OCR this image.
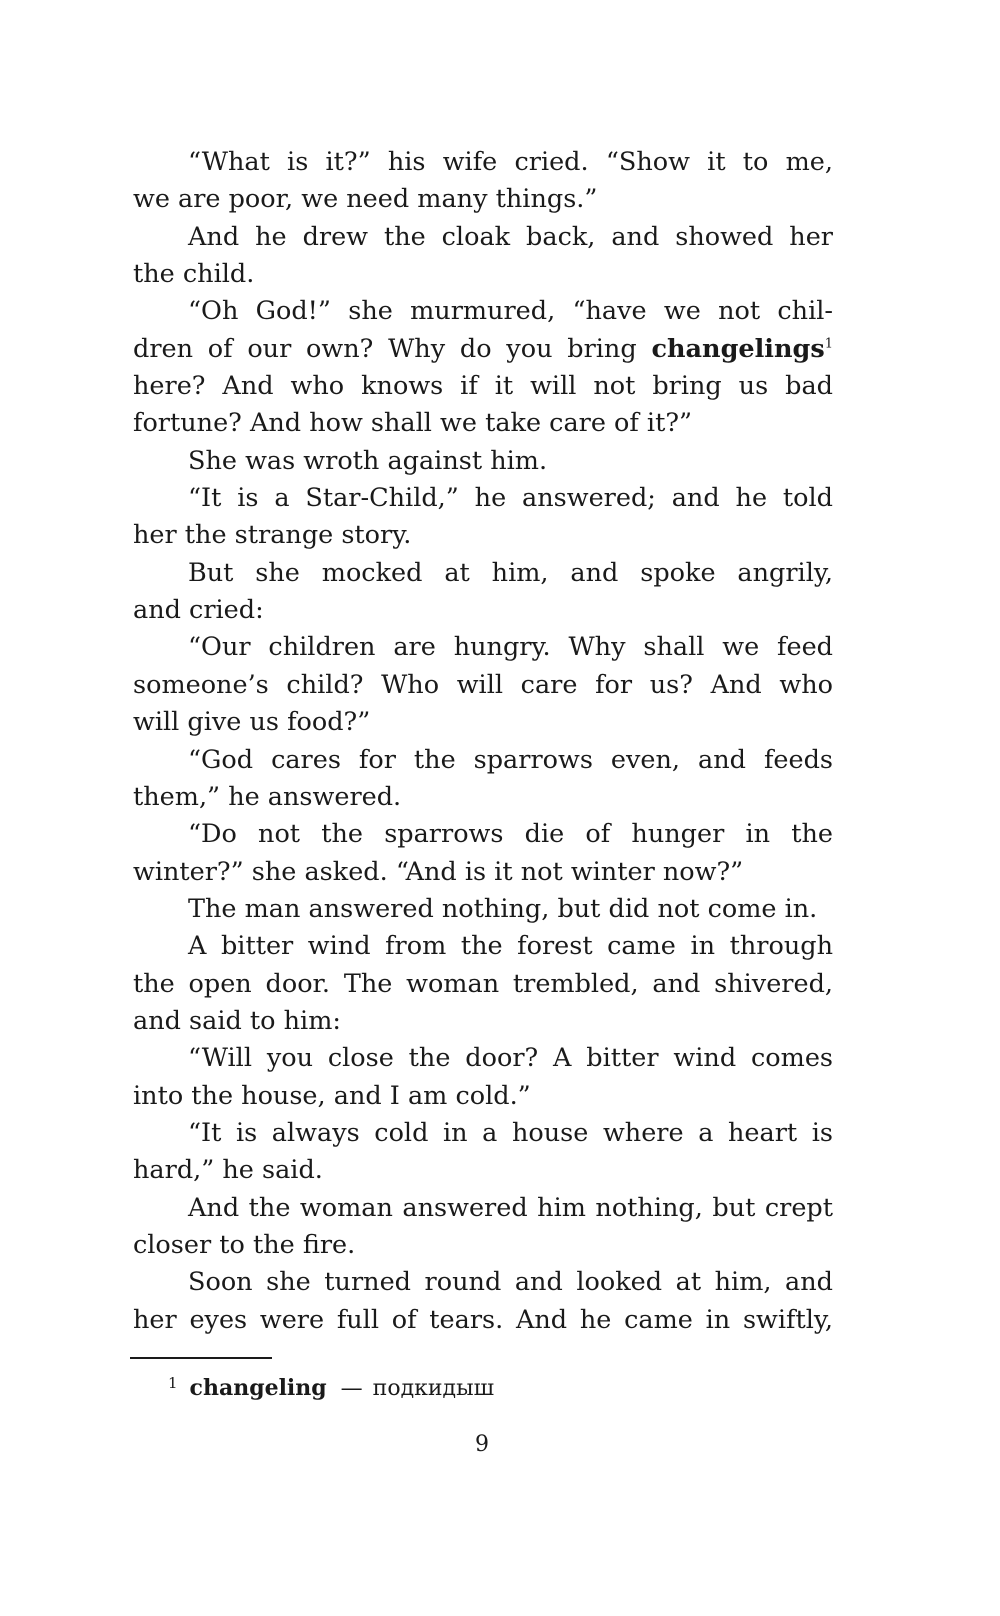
“What is it?” his wife cried. “Show it to me,
we are poor, we need many things.”
And he drew the cloak back, and showed her
the child.
“Oh God!” she murmured, “have we not chil-
dren of our own? Why do you bring changelings$^1$
here? And who knows if it will not bring us bad
fortune? And how shall we take care of it?”
She was wroth against him.
“It is a Star-Child,” he answered; and he told
her the strange story.
But she mocked at him, and spoke angrily,
and cried:
“Our children are hungry. Why shall we feed
someone’s child? Who will care for us? And who
will give us food?”
“God cares for the sparrows even, and feeds
them,” he answered.
“Do not the sparrows die of hunger in the
winter?” she asked. “And is it not winter now?”
The man answered nothing, but did not come in.
A bitter wind from the forest came in through
the open door. The woman trembled, and shivered,
and said to him:
“Will you close the door? A bitter wind comes
into the house, and I am cold.”
“It is always cold in a house where a heart is
hard,” he said.
And the woman answered him nothing, but crept
closer to the fire.
Soon she turned round and looked at him, and
her eyes were full of tears. And he came in swiftly,
$^1$ changeling — подкидыш
9
